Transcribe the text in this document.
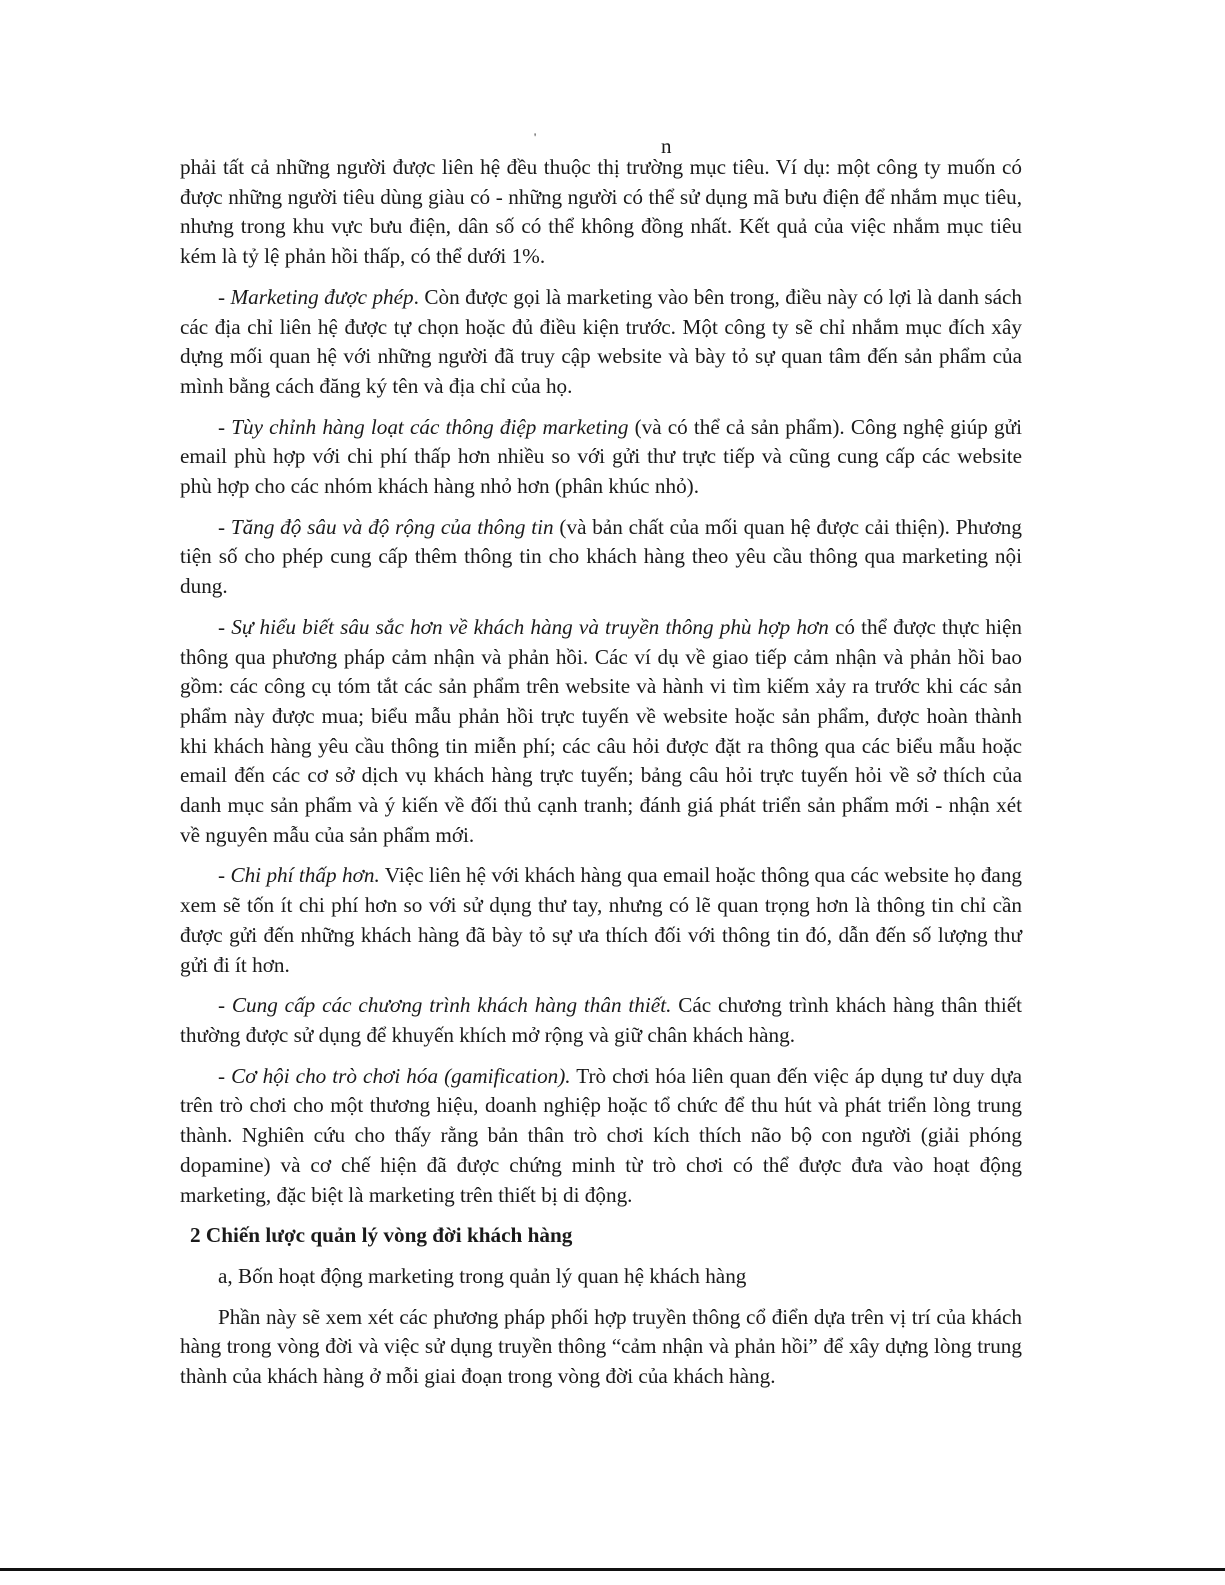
'	n

phải tất cả những người được liên hệ đều thuộc thị trường mục tiêu. Ví dụ: một công ty muốn có được những người tiêu dùng giàu có - những người có thể sử dụng mã bưu điện để nhắm mục tiêu, nhưng trong khu vực bưu điện, dân số có thể không đồng nhất. Kết quả của việc nhắm mục tiêu kém là tỷ lệ phản hồi thấp, có thể dưới 1%.

- Marketing được phép. Còn được gọi là marketing vào bên trong, điều này có lợi là danh sách các địa chỉ liên hệ được tự chọn hoặc đủ điều kiện trước. Một công ty sẽ chỉ nhắm mục đích xây dựng mối quan hệ với những người đã truy cập website và bày tỏ sự quan tâm đến sản phẩm của mình bằng cách đăng ký tên và địa chỉ của họ.

- Tùy chỉnh hàng loạt các thông điệp marketing (và có thể cả sản phẩm). Công nghệ giúp gửi email phù hợp với chi phí thấp hơn nhiều so với gửi thư trực tiếp và cũng cung cấp các website phù hợp cho các nhóm khách hàng nhỏ hơn (phân khúc nhỏ).

- Tăng độ sâu và độ rộng của thông tin (và bản chất của mối quan hệ được cải thiện). Phương tiện số cho phép cung cấp thêm thông tin cho khách hàng theo yêu cầu thông qua marketing nội dung.

- Sự hiểu biết sâu sắc hơn về khách hàng và truyền thông phù hợp hơn có thể được thực hiện thông qua phương pháp cảm nhận và phản hồi. Các ví dụ về giao tiếp cảm nhận và phản hồi bao gồm: các công cụ tóm tắt các sản phẩm trên website và hành vi tìm kiếm xảy ra trước khi các sản phẩm này được mua; biểu mẫu phản hồi trực tuyến về website hoặc sản phẩm, được hoàn thành khi khách hàng yêu cầu thông tin miễn phí; các câu hỏi được đặt ra thông qua các biểu mẫu hoặc email đến các cơ sở dịch vụ khách hàng trực tuyến; bảng câu hỏi trực tuyến hỏi về sở thích của danh mục sản phẩm và ý kiến về đối thủ cạnh tranh; đánh giá phát triển sản phẩm mới - nhận xét về nguyên mẫu của sản phẩm mới.

- Chi phí thấp hơn. Việc liên hệ với khách hàng qua email hoặc thông qua các website họ đang xem sẽ tốn ít chi phí hơn so với sử dụng thư tay, nhưng có lẽ quan trọng hơn là thông tin chỉ cần được gửi đến những khách hàng đã bày tỏ sự ưa thích đối với thông tin đó, dẫn đến số lượng thư gửi đi ít hơn.

- Cung cấp các chương trình khách hàng thân thiết. Các chương trình khách hàng thân thiết thường được sử dụng để khuyến khích mở rộng và giữ chân khách hàng.

- Cơ hội cho trò chơi hóa (gamification). Trò chơi hóa liên quan đến việc áp dụng tư duy dựa trên trò chơi cho một thương hiệu, doanh nghiệp hoặc tổ chức để thu hút và phát triển lòng trung thành. Nghiên cứu cho thấy rằng bản thân trò chơi kích thích não bộ con người (giải phóng dopamine) và cơ chế hiện đã được chứng minh từ trò chơi có thể được đưa vào hoạt động marketing, đặc biệt là marketing trên thiết bị di động.

2 Chiến lược quản lý vòng đời khách hàng

a, Bốn hoạt động marketing trong quản lý quan hệ khách hàng

Phần này sẽ xem xét các phương pháp phối hợp truyền thông cổ điển dựa trên vị trí của khách hàng trong vòng đời và việc sử dụng truyền thông “cảm nhận và phản hồi” để xây dựng lòng trung thành của khách hàng ở mỗi giai đoạn trong vòng đời của khách hàng.
